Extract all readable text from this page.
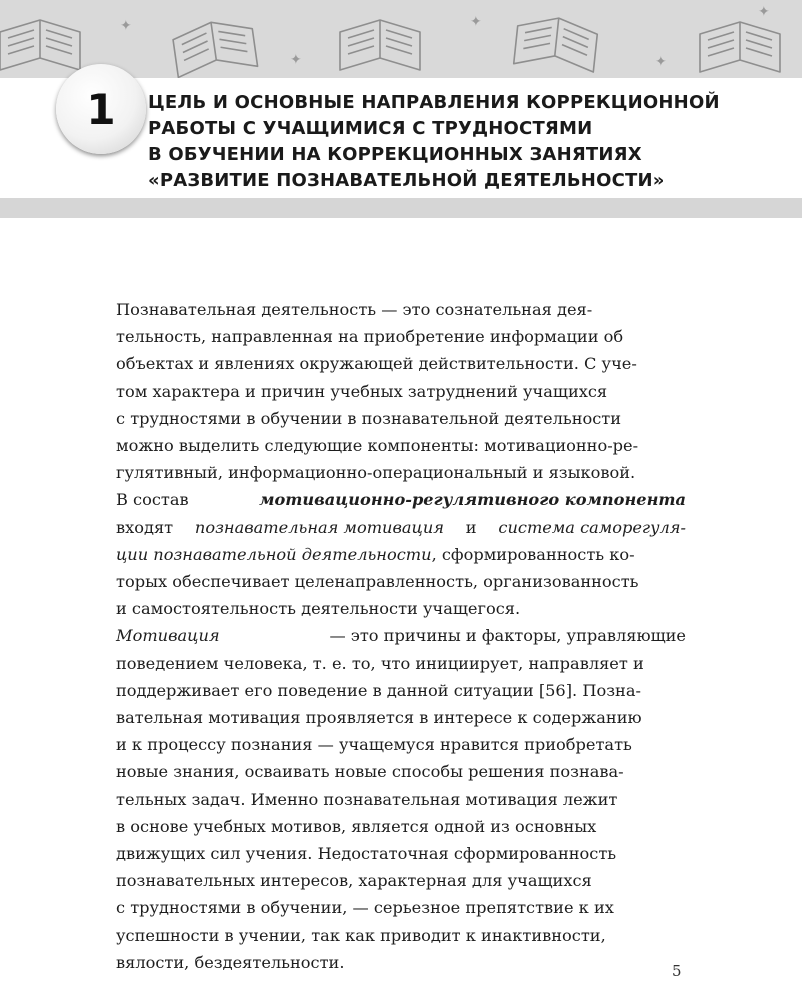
✦
✦
✦
✦
✦
1	ЦЕЛЬ И ОСНОВНЫЕ НАПРАВЛЕНИЯ КОРРЕКЦИОННОЙ
РАБОТЫ С УЧАЩИМИСЯ С ТРУДНОСТЯМИ
В ОБУЧЕНИИ НА КОРРЕКЦИОННЫХ ЗАНЯТИЯХ
«РАЗВИТИЕ ПОЗНАВАТЕЛЬНОЙ ДЕЯТЕЛЬНОСТИ»
Познавательная деятельность — это сознательная дея-
тельность, направленная на приобретение информации об
объектах и явлениях окружающей действительности. С уче-
том характера и причин учебных затруднений учащихся
с трудностями в обучении в познавательной деятельности
можно выделить следующие компоненты: мотивационно-ре-
гулятивный, информационно-операциональный и языковой.
В состав	мотивационно-регулятивного компонента
входят познавательная мотивация и система саморегуля-
ции познавательной деятельности, сформированность ко-
торых обеспечивает целенаправленность, организованность
и самостоятельность деятельности учащегося.
Мотивация	— это причины и факторы, управляющие
поведением человека, т. е. то, что инициирует, направляет и
поддерживает его поведение в данной ситуации [56]. Позна-
вательная мотивация проявляется в интересе к содержанию
и к процессу познания — учащемуся нравится приобретать
новые знания, осваивать новые способы решения познава-
тельных задач. Именно познавательная мотивация лежит
в основе учебных мотивов, является одной из основных
движущих сил учения. Недостаточная сформированность
познавательных интересов, характерная для учащихся
с трудностями в обучении, — серьезное препятствие к их
успешности в учении, так как приводит к инактивности,
вялости, бездеятельности.	5
